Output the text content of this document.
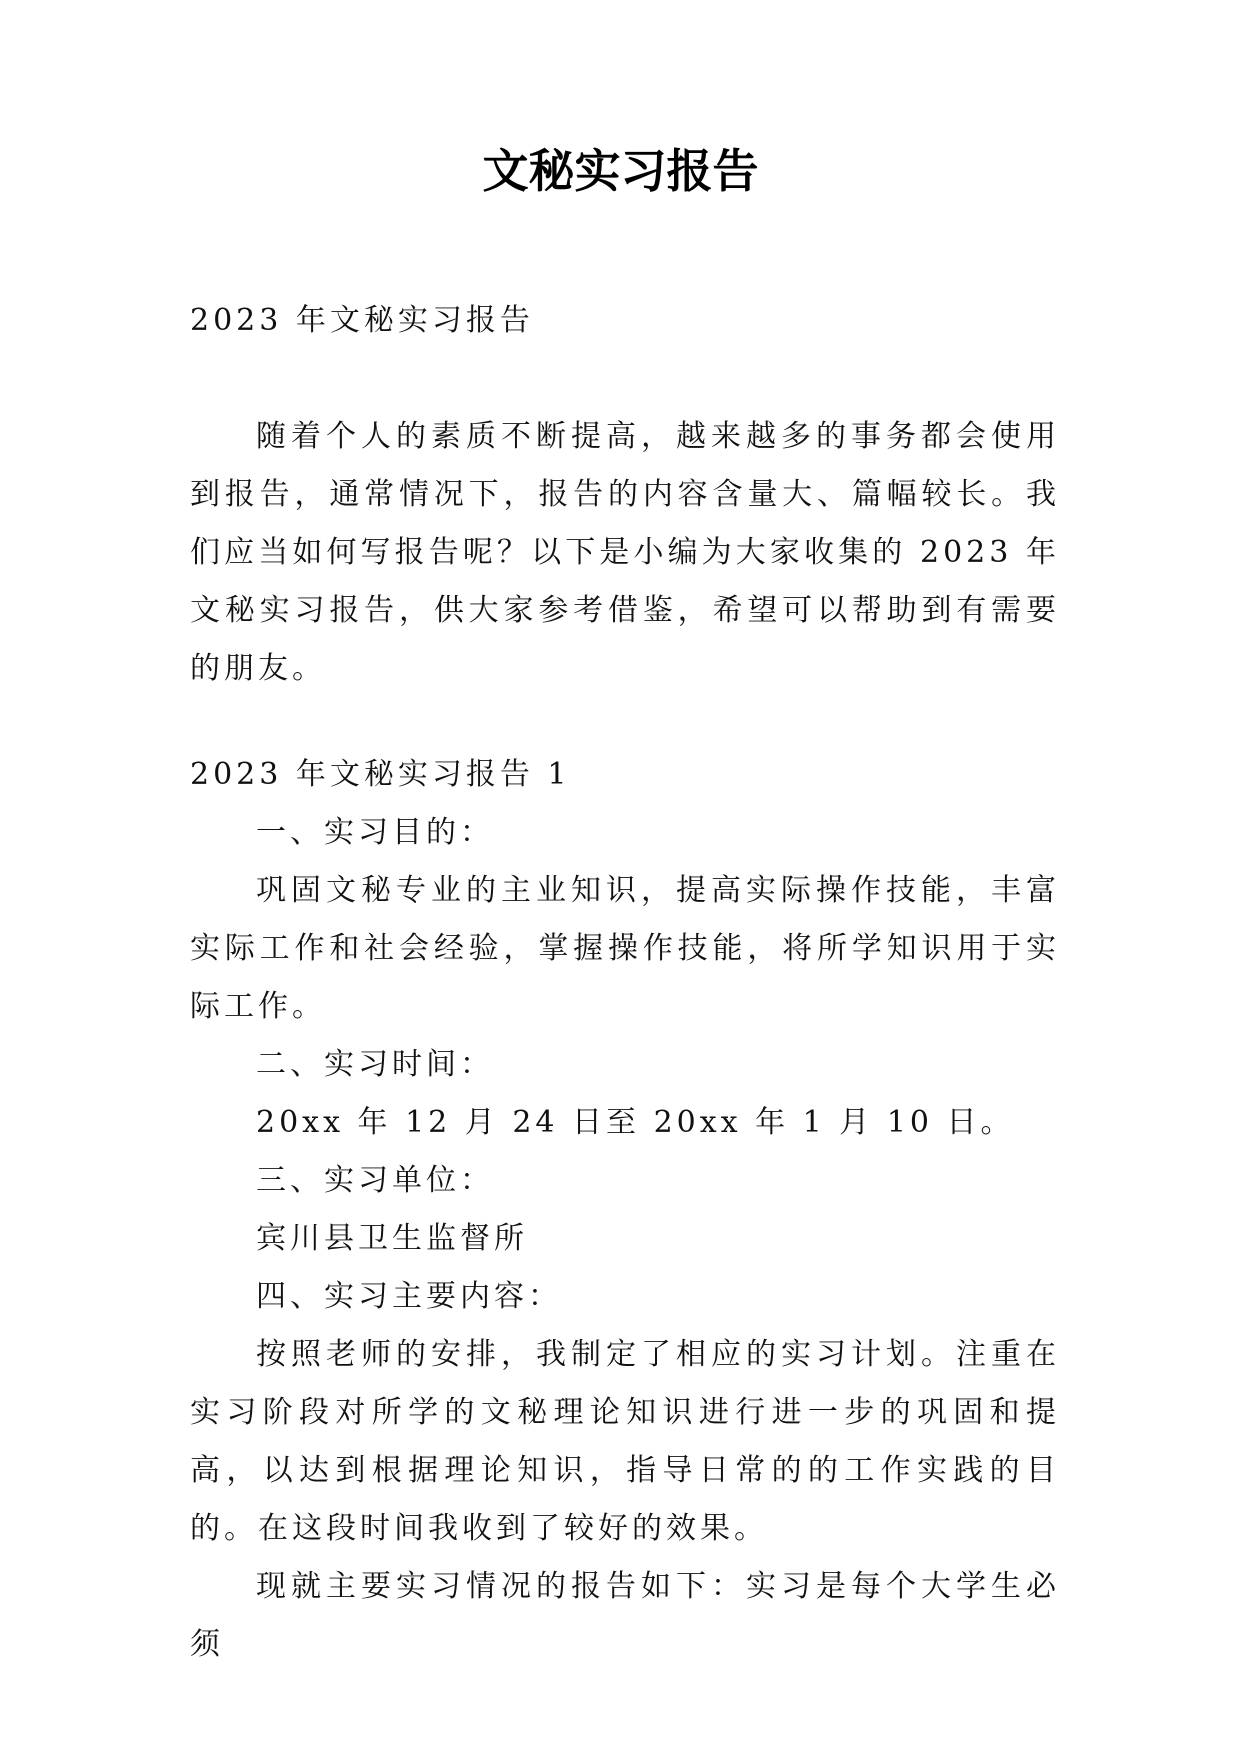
文秘实习报告

2023 年文秘实习报告

随着个人的素质不断提高，越来越多的事务都会使用到报告，通常情况下，报告的内容含量大、篇幅较长。我们应当如何写报告呢？以下是小编为大家收集的 2023 年文秘实习报告，供大家参考借鉴，希望可以帮助到有需要的朋友。

2023 年文秘实习报告 1

一、实习目的：

巩固文秘专业的主业知识，提高实际操作技能，丰富实际工作和社会经验，掌握操作技能，将所学知识用于实际工作。

二、实习时间：

20xx 年 12 月 24 日至 20xx 年 1 月 10 日。

三、实习单位：

宾川县卫生监督所

四、实习主要内容：

按照老师的安排，我制定了相应的实习计划。注重在实习阶段对所学的文秘理论知识进行进一步的巩固和提高，以达到根据理论知识，指导日常的的工作实践的目的。在这段时间我收到了较好的效果。

现就主要实习情况的报告如下：实习是每个大学生必须
